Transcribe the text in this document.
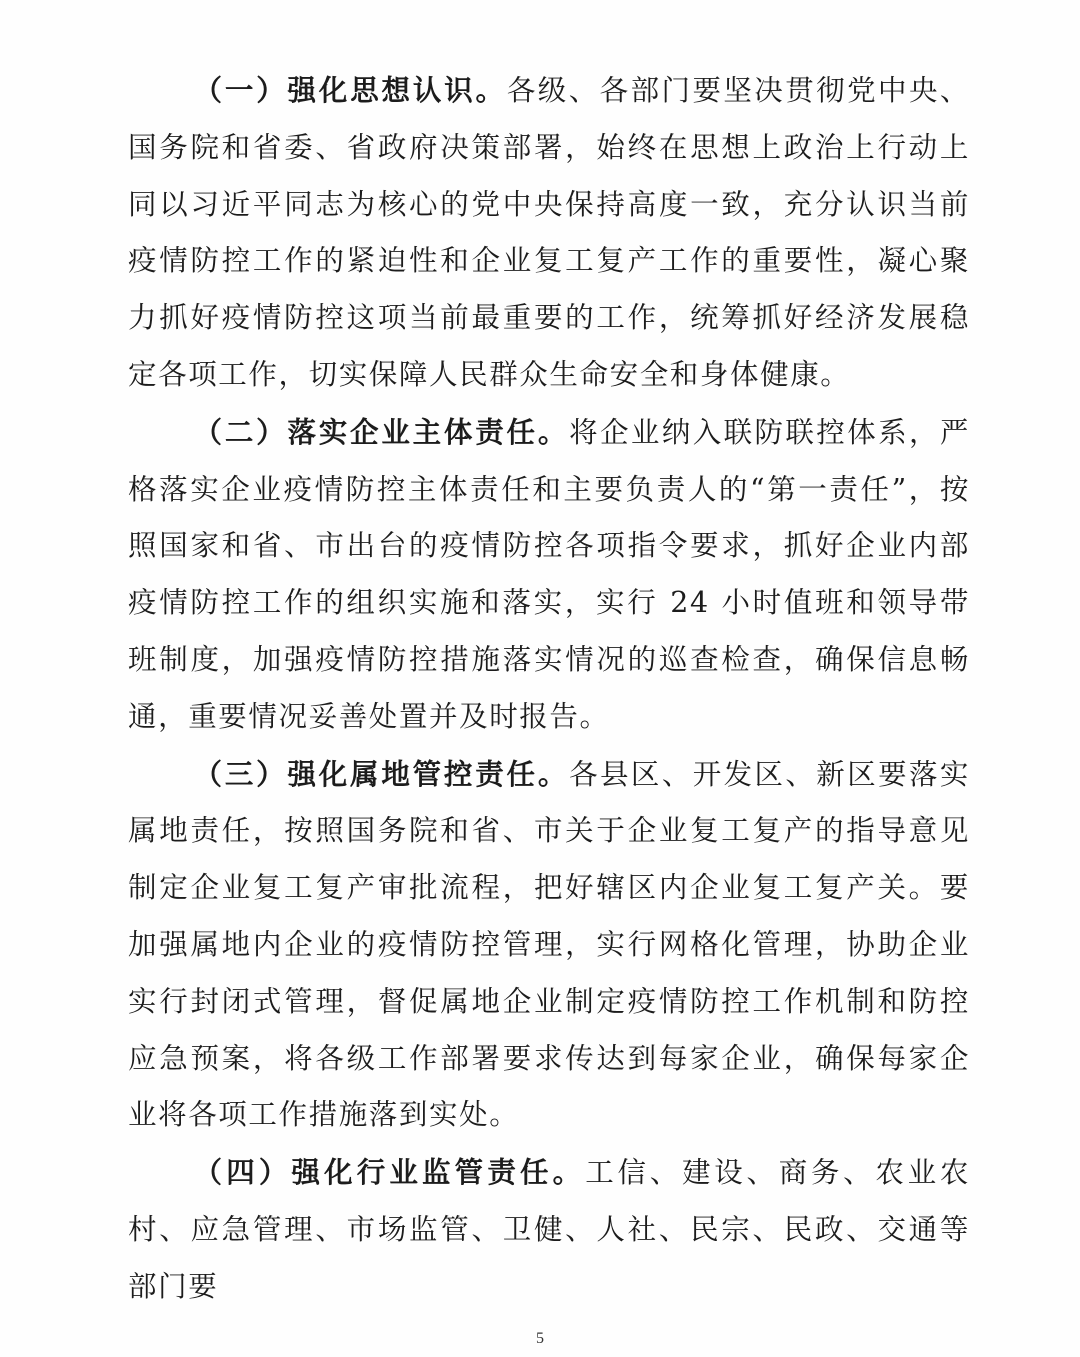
（一）强化思想认识。各级、各部门要坚决贯彻党中央、国务院和省委、省政府决策部署，始终在思想上政治上行动上同以习近平同志为核心的党中央保持高度一致，充分认识当前疫情防控工作的紧迫性和企业复工复产工作的重要性，凝心聚力抓好疫情防控这项当前最重要的工作，统筹抓好经济发展稳定各项工作，切实保障人民群众生命安全和身体健康。

（二）落实企业主体责任。将企业纳入联防联控体系，严格落实企业疫情防控主体责任和主要负责人的“第一责任”，按照国家和省、市出台的疫情防控各项指令要求，抓好企业内部疫情防控工作的组织实施和落实，实行 24 小时值班和领导带班制度，加强疫情防控措施落实情况的巡查检查，确保信息畅通，重要情况妥善处置并及时报告。

（三）强化属地管控责任。各县区、开发区、新区要落实属地责任，按照国务院和省、市关于企业复工复产的指导意见制定企业复工复产审批流程，把好辖区内企业复工复产关。要加强属地内企业的疫情防控管理，实行网格化管理，协助企业实行封闭式管理，督促属地企业制定疫情防控工作机制和防控应急预案，将各级工作部署要求传达到每家企业，确保每家企业将各项工作措施落到实处。

（四）强化行业监管责任。工信、建设、商务、农业农村、应急管理、市场监管、卫健、人社、民宗、民政、交通等部门要

5
